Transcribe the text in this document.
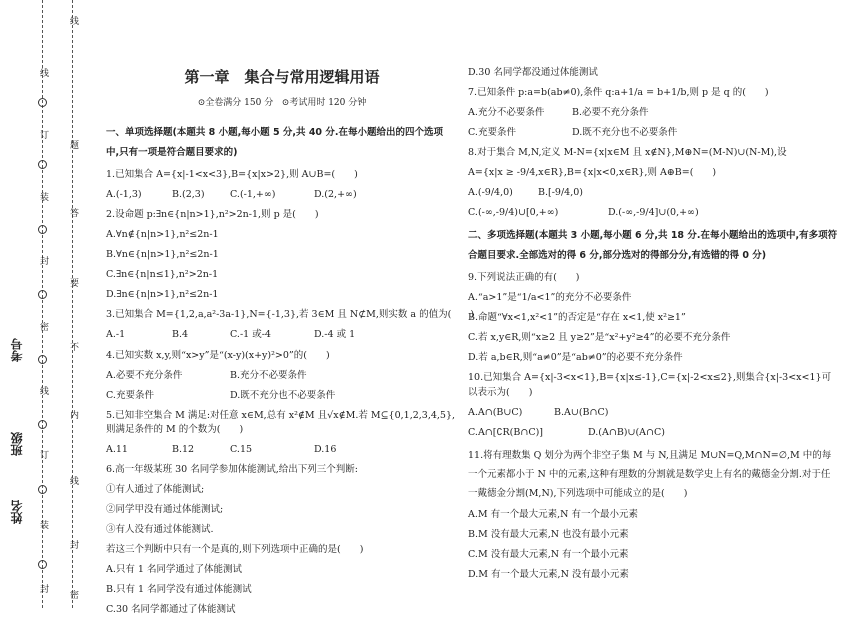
姓名
班级
考号
线
订
装
封
密
线
订
装
封
线
题
答
要
不
内
线
封
密
第一章　集合与常用逻辑用语
⊙全卷满分 150 分 ⊙考试用时 120 分钟

一、单项选择题(本题共 8 小题,每小题 5 分,共 40 分.在每小题给出的四个选项中,只有一项是符合题目要求的)

1.已知集合 A={x|-1<x<3},B={x|x>2},则 A∪B=(　　)

A.(-1,3)	B.(2,3)	C.(-1,+∞)	D.(2,+∞)

2.设命题 p:∃n∈{n|n>1},n²>2n-1,则 p 是(　　)

A.∀n∉{n|n>1},n²≤2n-1

B.∀n∈{n|n>1},n²≤2n-1

C.∃n∈{n|n≤1},n²>2n-1

D.∃n∈{n|n>1},n²≤2n-1

3.已知集合 M={1,2,a,a²-3a-1},N={-1,3},若 3∈M 且 N⊄M,则实数 a 的值为(　　)

A.-1	B.4	C.-1 或-4	D.-4 或 1

4.已知实数 x,y,则“x>y”是“(x-y)(x+y)²>0”的(　　)

A.必要不充分条件	B.充分不必要条件

C.充要条件	D.既不充分也不必要条件

5.已知非空集合 M 满足:对任意 x∈M,总有 x²∉M 且√x∉M.若 M⊆{0,1,2,3,4,5},则满足条件的 M 的个数为(　　)

A.11	B.12	C.15	D.16

6.高一年级某班 30 名同学参加体能测试,给出下列三个判断:

①有人通过了体能测试;

②同学甲没有通过体能测试;

③有人没有通过体能测试.

若这三个判断中只有一个是真的,则下列选项中正确的是(　　)

A.只有 1 名同学通过了体能测试

B.只有 1 名同学没有通过体能测试

C.30 名同学都通过了体能测试

D.30 名同学都没通过体能测试

7.已知条件 p:a=b(ab≠0),条件 q:a+1/a = b+1/b,则 p 是 q 的(　　)

A.充分不必要条件	B.必要不充分条件

C.充要条件	D.既不充分也不必要条件

8.对于集合 M,N,定义 M-N={x|x∈M 且 x∉N},M⊕N=(M-N)∪(N-M),设

A={x|x ≥ -9/4,x∈R},B={x|x<0,x∈R},则 A⊕B=(　　)

A.(-9/4,0)	B.[-9/4,0)

C.(-∞,-9/4)∪[0,+∞)	D.(-∞,-9/4]∪(0,+∞)

二、多项选择题(本题共 3 小题,每小题 6 分,共 18 分.在每小题给出的选项中,有多项符合题目要求.全部选对的得 6 分,部分选对的得部分分,有选错的得 0 分)

9.下列说法正确的有(　　)

A.“a>1”是“1/a<1”的充分不必要条件

B.命题“∀x<1,x²<1”的否定是“存在 x<1,使 x²≥1”

C.若 x,y∈R,则“x≥2 且 y≥2”是“x²+y²≥4”的必要不充分条件

D.若 a,b∈R,则“a≠0”是“ab≠0”的必要不充分条件

10.已知集合 A={x|-3<x<1},B={x|x≤-1},C={x|-2<x≤2},则集合{x|-3<x<1}可以表示为(　　)

A.A∩(B∪C)	B.A∪(B∩C)

C.A∩[∁R(B∩C)]	D.(A∩B)∪(A∩C)

11.将有理数集 Q 划分为两个非空子集 M 与 N,且满足 M∪N=Q,M∩N=∅,M 中的每一个元素都小于 N 中的元素,这种有理数的分割就是数学史上有名的戴德金分割.对于任一戴德金分割(M,N),下列选项中可能成立的是(　　)

A.M 有一个最大元素,N 有一个最小元素

B.M 没有最大元素,N 也没有最小元素

C.M 没有最大元素,N 有一个最小元素

D.M 有一个最大元素,N 没有最小元素
